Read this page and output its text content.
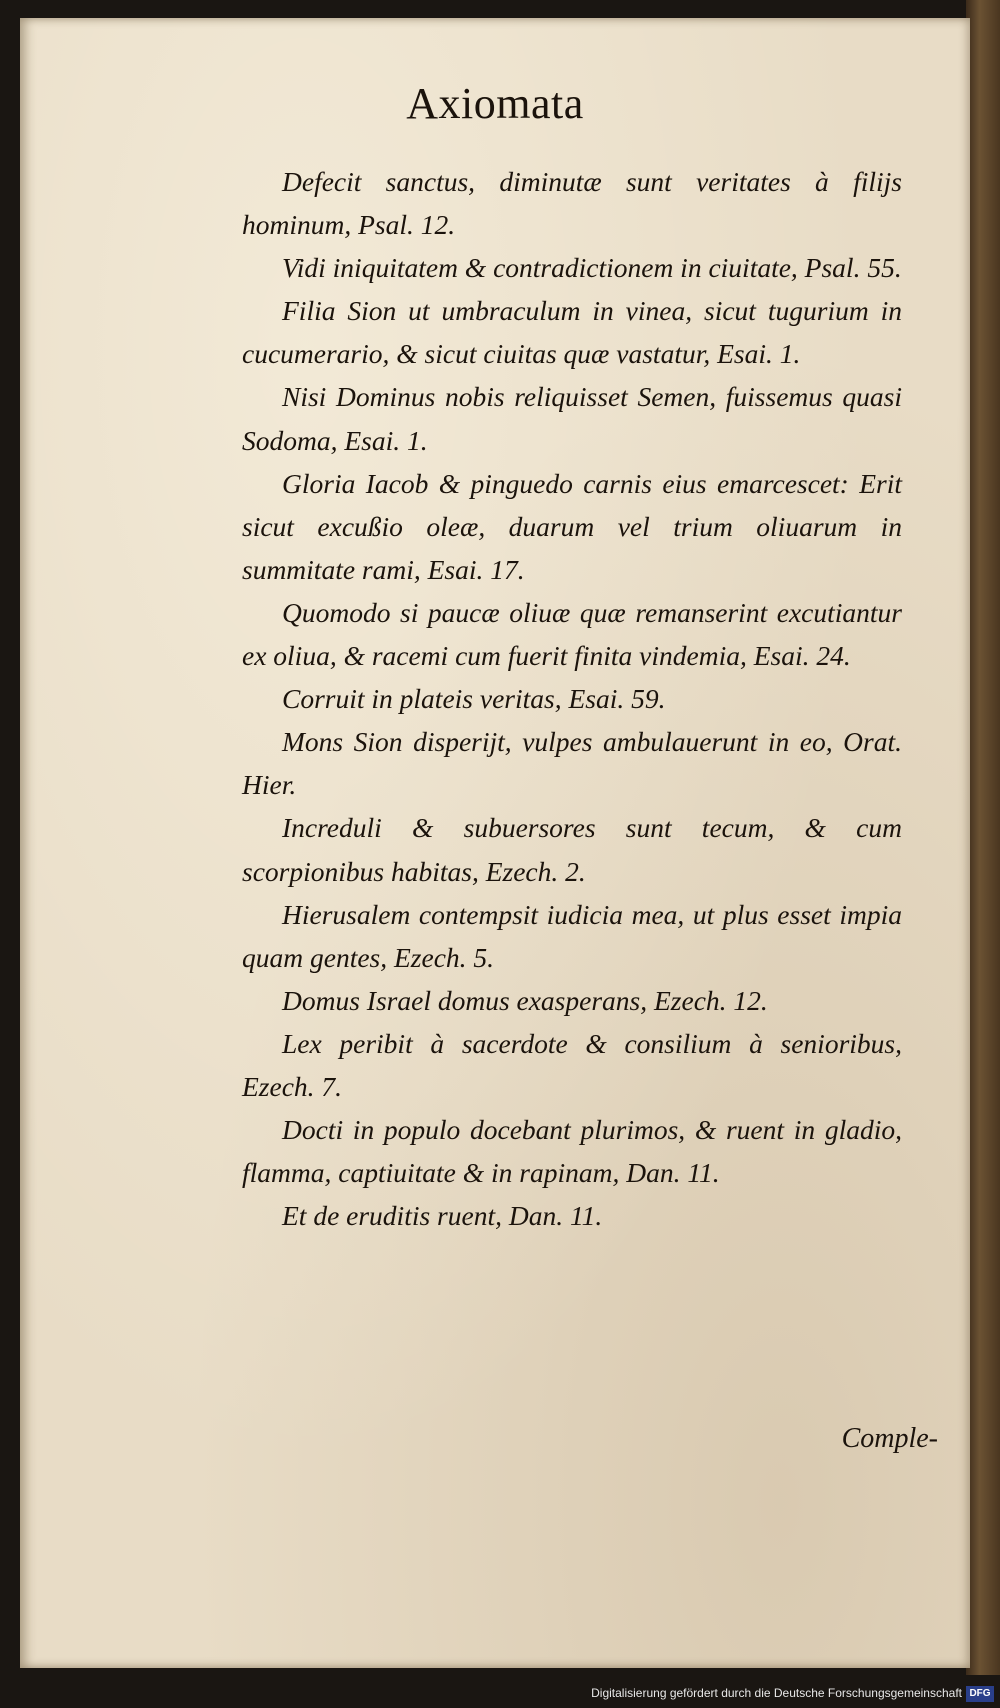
Axiomata

Defecit sanctus, diminutæ sunt veritates à filijs hominum, Psal. 12.

Vidi iniquitatem & contradictionem in ciuitate, Psal. 55.

Filia Sion ut umbraculum in vinea, sicut tugurium in cucumerario, & sicut ciuitas quæ vastatur, Esai. 1.

Nisi Dominus nobis reliquisset Semen, fuissemus quasi Sodoma, Esai. 1.

Gloria Iacob & pinguedo carnis eius emarcescet: Erit sicut excußio oleæ, duarum vel trium oliuarum in summitate rami, Esai. 17.

Quomodo si paucæ oliuæ quæ remanserint excutiantur ex oliua, & racemi cum fuerit finita vindemia, Esai. 24.

Corruit in plateis veritas, Esai. 59.

Mons Sion disperijt, vulpes ambulauerunt in eo, Orat. Hier.

Increduli & subuersores sunt tecum, & cum scorpionibus habitas, Ezech. 2.

Hierusalem contempsit iudicia mea, ut plus esset impia quam gentes, Ezech. 5.

Domus Israel domus exasperans, Ezech. 12.

Lex peribit à sacerdote & consilium à senioribus, Ezech. 7.

Docti in populo docebant plurimos, & ruent in gladio, flamma, captiuitate & in rapinam, Dan. 11.

Et de eruditis ruent, Dan. 11.

Comple-
Digitalisierung gefördert durch die Deutsche Forschungsgemeinschaft DFG
